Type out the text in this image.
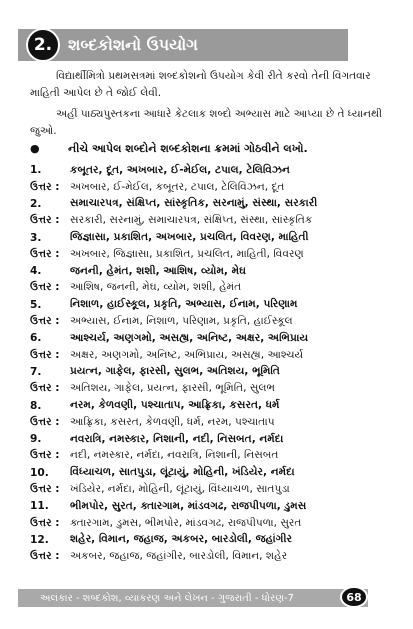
2. શબ્દકોશનો ઉપયોગ

વિદ્યાર્થીમિત્રો પ્રથમસત્રમાં શબ્દકોશનો ઉપયોગ કેવી રીતે કરવો તેની વિગતવાર માહિતી આપેલ છે તે જોઈ લેવી.

અહીં પાઠ્યપુસ્તકના આધારે કેટલાક શબ્દો અભ્યાસ માટે આપ્યા છે તે ધ્યાનથી જુઓ.

●	નીચે આપેલ શબ્દોને શબ્દકોશના ક્રમમાં ગોઠવીને લખો.
1.	કબૂતર, દૂત, અખબાર, ઈ-મેઈલ, ટપાલ, ટેલિવિઝન
ઉત્તર : અખબાર, ઈ-મેઈલ, કબૂતર, ટપાલ, ટેલિવિઝન, દૂત
2.	સમાચારપત્ર, સંક્ષિપ્ત, સાંસ્કૃતિક, સરનામું, સંસ્થા, સરકારી
ઉત્તર : સરકારી, સરનામું, સમાચારપત્ર, સંક્ષિપ્ત, સંસ્થા, સાંસ્કૃતિક
3.	જિજ્ઞાસા, પ્રકાશિત, અખબાર, પ્રચલિત, વિવરણ, માહિતી
ઉત્તર : અખબાર, જિજ્ઞાસા, પ્રકાશિત, પ્રચલિત, માહિતી, વિવરણ
4.	જનની, હેમંત, શશી, આશિષ, વ્યોમ, મેઘ
ઉત્તર : આશિષ, જનની, મેઘ, વ્યોમ, શશી, હેમંત
5.	નિશાળ, હાઈસ્કૂલ, પ્રકૃતિ, અભ્યાસ, ઈનામ, પરિણામ
ઉત્તર : અભ્યાસ, ઈનામ, નિશાળ, પરિણામ, પ્રકૃતિ, હાઈસ્કૂલ
6.	આશ્ચર્ય, અણગમો, અસહ્ય, અનિષ્ટ, અક્ષર, અભિપ્રાય
ઉત્તર : અક્ષર, અણગમો, અનિષ્ટ, અભિપ્રાય, અસહ્ય, આશ્ચર્ય
7.	પ્રયત્ન, ગાફેલ, ફારસી, સુલભ, અતિશય, ભૂમિતિ
ઉત્તર : અતિશય, ગાફેલ, પ્રયત્ન, ફારસી, ભૂમિતિ, સુલભ
8.	નરમ, કેળવણી, પશ્ચાતાપ, આફ્રિકા, કસરત, ધર્મ
ઉત્તર : આફ્રિકા, કસરત, કેળવણી, ધર્મ, નરમ, પશ્ચાતાપ
9.	નવરાત્રિ, નમસ્કાર, નિશાની, નદી, નિસબત, નર્મદા
ઉત્તર : નદી, નમસ્કાર, નર્મદા, નવરાત્રિ, નિશાની, નિસબત
10.	વિંધ્યાચળ, સાતપુડા, લૂંટાયું, મોહિની, ખંડિયેર, નર્મદા
ઉત્તર : ખંડિયેર, નર્મદા, મોહિની, લૂંટાયું, વિંધ્યાચળ, સાતપુડા
11.	ભીમપોર, સુરત, ક્તારગામ, માંડવગઢ, રાજપીપળા, ડુમસ
ઉત્તર : ક્તારગામ, ડુમસ, ભીમપોર, માંડવગઢ, રાજપીપળા, સુરત
12.	શહેર, વિમાન, જહાજ, અકબર, બારડોલી, જહાંગીર
ઉત્તર : અકબર, જહાજ, જહાંગીર, બારડોલી, વિમાન, શહેર
અલંકાર - શબ્દકોશ, વ્યાકરણ અને લેખન - ગુજરાતી - ધોરણ-7	68
